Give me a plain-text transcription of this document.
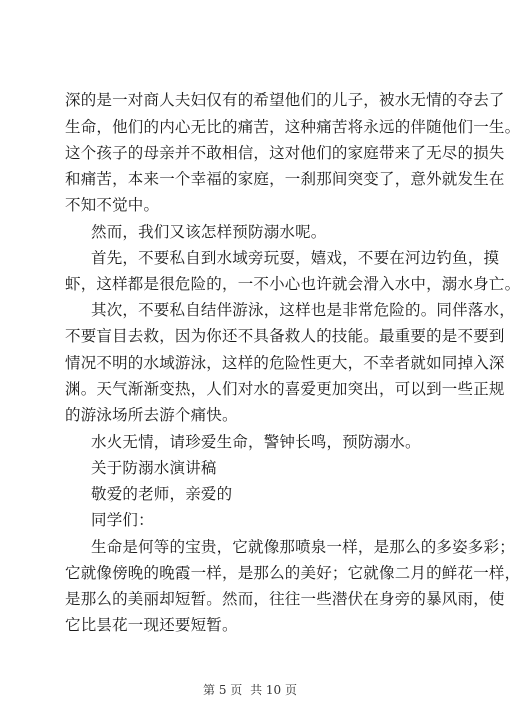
深的是一对商人夫妇仅有的希望他们的儿子，被水无情的夺去了
生命，他们的内心无比的痛苦，这种痛苦将永远的伴随他们一生。
这个孩子的母亲并不敢相信，这对他们的家庭带来了无尽的损失
和痛苦，本来一个幸福的家庭，一刹那间突变了，意外就发生在
不知不觉中。
然而，我们又该怎样预防溺水呢。
首先，不要私自到水域旁玩耍，嬉戏，不要在河边钓鱼，摸
虾，这样都是很危险的，一不小心也许就会滑入水中，溺水身亡。
其次，不要私自结伴游泳，这样也是非常危险的。同伴落水，
不要盲目去救，因为你还不具备救人的技能。最重要的是不要到
情况不明的水域游泳，这样的危险性更大，不幸者就如同掉入深
渊。天气渐渐变热，人们对水的喜爱更加突出，可以到一些正规
的游泳场所去游个痛快。
水火无情，请珍爱生命，警钟长鸣，预防溺水。
关于防溺水演讲稿
敬爱的老师，亲爱的
同学们：
生命是何等的宝贵，它就像那喷泉一样，是那么的多姿多彩；
它就像傍晚的晚霞一样，是那么的美好；它就像二月的鲜花一样，
是那么的美丽却短暂。然而，往往一些潜伏在身旁的暴风雨，使
它比昙花一现还要短暂。
第 5 页 共 10 页
